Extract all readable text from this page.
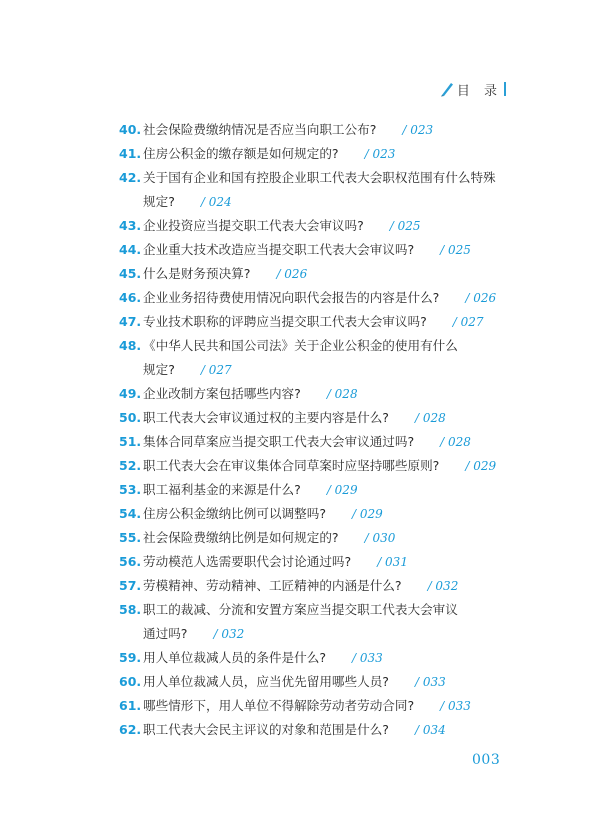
目 录
40. 社会保险费缴纳情况是否应当向职工公布? / 023
41. 住房公积金的缴存额是如何规定的? / 023
42. 关于国有企业和国有控股企业职工代表大会职权范围有什么特殊
规定? / 024
43. 企业投资应当提交职工代表大会审议吗? / 025
44. 企业重大技术改造应当提交职工代表大会审议吗? / 025
45. 什么是财务预决算? / 026
46. 企业业务招待费使用情况向职代会报告的内容是什么? / 026
47. 专业技术职称的评聘应当提交职工代表大会审议吗? / 027
48. 《中华人民共和国公司法》关于企业公积金的使用有什么
规定? / 027
49. 企业改制方案包括哪些内容? / 028
50. 职工代表大会审议通过权的主要内容是什么? / 028
51. 集体合同草案应当提交职工代表大会审议通过吗? / 028
52. 职工代表大会在审议集体合同草案时应坚持哪些原则? / 029
53. 职工福利基金的来源是什么? / 029
54. 住房公积金缴纳比例可以调整吗? / 029
55. 社会保险费缴纳比例是如何规定的? / 030
56. 劳动模范人选需要职代会讨论通过吗? / 031
57. 劳模精神、劳动精神、工匠精神的内涵是什么? / 032
58. 职工的裁减、分流和安置方案应当提交职工代表大会审议
通过吗? / 032
59. 用人单位裁减人员的条件是什么? / 033
60. 用人单位裁减人员，应当优先留用哪些人员? / 033
61. 哪些情形下，用人单位不得解除劳动者劳动合同? / 033
62. 职工代表大会民主评议的对象和范围是什么? / 034
003
